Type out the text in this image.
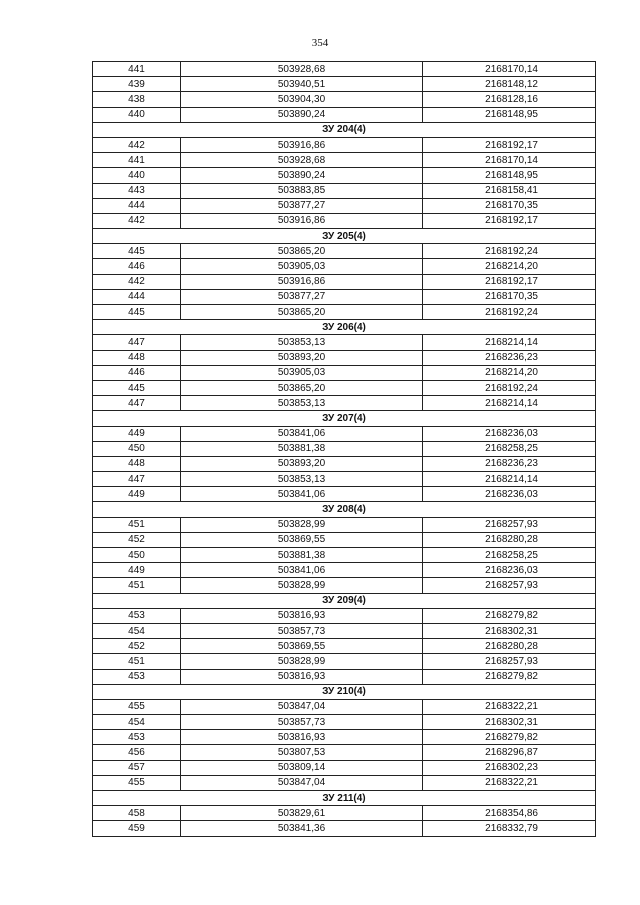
354
441	503928,68	2168170,14
439	503940,51	2168148,12
438	503904,30	2168128,16
440	503890,24	2168148,95
ЗУ 204(4)		
442	503916,86	2168192,17
441	503928,68	2168170,14
440	503890,24	2168148,95
443	503883,85	2168158,41
444	503877,27	2168170,35
442	503916,86	2168192,17
ЗУ 205(4)		
445	503865,20	2168192,24
446	503905,03	2168214,20
442	503916,86	2168192,17
444	503877,27	2168170,35
445	503865,20	2168192,24
ЗУ 206(4)		
447	503853,13	2168214,14
448	503893,20	2168236,23
446	503905,03	2168214,20
445	503865,20	2168192,24
447	503853,13	2168214,14
ЗУ 207(4)		
449	503841,06	2168236,03
450	503881,38	2168258,25
448	503893,20	2168236,23
447	503853,13	2168214,14
449	503841,06	2168236,03
ЗУ 208(4)		
451	503828,99	2168257,93
452	503869,55	2168280,28
450	503881,38	2168258,25
449	503841,06	2168236,03
451	503828,99	2168257,93
ЗУ 209(4)		
453	503816,93	2168279,82
454	503857,73	2168302,31
452	503869,55	2168280,28
451	503828,99	2168257,93
453	503816,93	2168279,82
ЗУ 210(4)		
455	503847,04	2168322,21
454	503857,73	2168302,31
453	503816,93	2168279,82
456	503807,53	2168296,87
457	503809,14	2168302,23
455	503847,04	2168322,21
ЗУ 211(4)		
458	503829,61	2168354,86
459	503841,36	2168332,79
